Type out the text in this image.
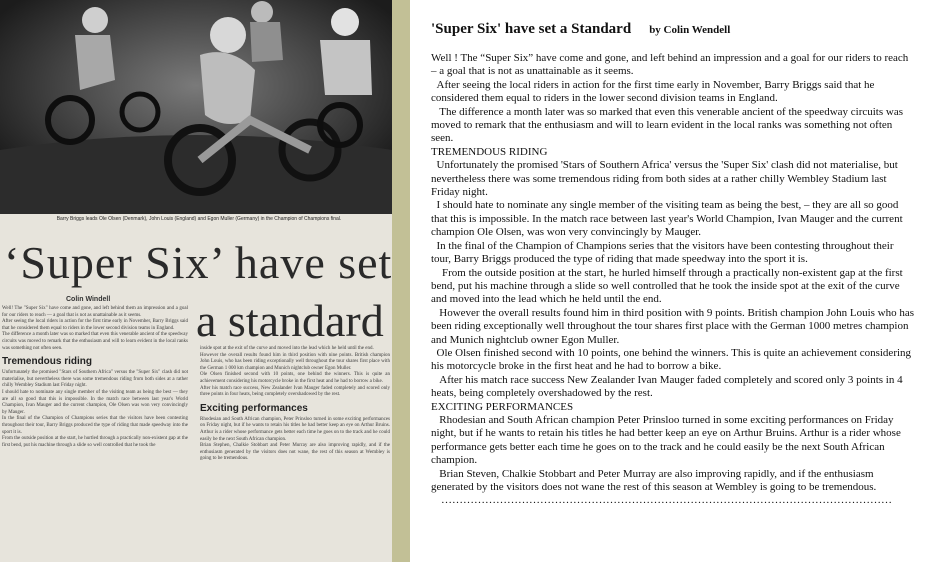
Barry Briggs leads Ole Olsen (Denmark), John Louis (England) and Egon Muller (Germany) in the Champion of Champions final.
‘Super Six’ have set
Colin Windell a standard
Well! The "Super Six" have come and gone, and left behind them an impression and a goal for our riders to reach — a goal that is not as unattainable as it seems.
After seeing the local riders in action for the first time early in November, Barry Briggs said that he considered them equal to riders in the lower second division teams in England.
The difference a month later was so marked that even this venerable ancient of the speedway circuits was moved to remark that the enthusiasm and will to learn evident in the local ranks was something not often seen.
Tremendous riding
Unfortunately the promised "Stars of Southern Africa" versus the "Super Six" clash did not materialise, but nevertheless there was some tremendous riding from both sides at a rather chilly Wembley Stadium last Friday night.
I should hate to nominate any single member of the visiting team as being the best — they are all so good that this is impossible. In the match race between last year's World Champion, Ivan Mauger and the current champion, Ole Olsen was won very convincingly by Mauger.
In the final of the Champion of Champions series that the visitors have been contesting throughout their tour, Barry Briggs produced the type of riding that made speedway into the sport it is.
From the outside position at the start, he hurtled through a practically non-existent gap at the first bend, put his machine through a slide so well controlled that he took the
inside spot at the exit of the curve and moved into the lead which he held until the end.
However the overall results found him in third position with nine points. British champion John Louis, who has been riding exceptionally well throughout the tour shares first place with the German 1 000 km champion and Munich nightclub owner Egon Muller.
Ole Olsen finished second with 10 points, one behind the winners. This is quite an achievement considering his motorcycle broke in the first heat and he had to borrow a bike.
After his match race success, New Zealander Ivan Mauger faded completely and scored only three points in four heats, being completely overshadowed by the rest.
Exciting performances
Rhodesian and South African champion, Peter Prinsloo turned in some exciting performances on Friday night, but if he wants to retain his titles he had better keep an eye on Arthur Bruins. Arthur is a rider whose performance gets better each time he goes on to the track and he could easily be the next South African champion.
Brian Stephen, Chalkie Stobbart and Peter Murray are also improving rapidly, and if the enthusiasm generated by the visitors does not wane, the rest of this season at Wembley is going to be tremendous.
'Super Six' have set a Standard by Colin Wendell

Well ! The “Super Six” have come and gone, and left behind an impression and a goal for our riders to reach – a goal that is not as unattainable as it seems.

After seeing the local riders in action for the first time early in November, Barry Briggs said that he considered them equal to riders in the lower second division teams in England.

The difference a month later was so marked that even this venerable ancient of the speedway circuits was moved to remark that the enthusiasm and will to learn evident in the local ranks was something not often seen.

TREMENDOUS RIDING

Unfortunately the promised 'Stars of Southern Africa' versus the 'Super Six' clash did not materialise, but nevertheless there was some tremendous riding from both sides at a rather chilly Wembley Stadium last Friday night.

I should hate to nominate any single member of the visiting team as being the best, – they are all so good that this is impossible. In the match race between last year's World Champion, Ivan Mauger and the current champion Ole Olsen, was won very convincingly by Mauger.

In the final of the Champion of Champions series that the visitors have been contesting throughout their tour, Barry Briggs produced the type of riding that made speedway into the sport it is.

From the outside position at the start, he hurled himself through a practically non-existent gap at the first bend, put his machine through a slide so well controlled that he took the inside spot at the exit of the curve and moved into the lead which he held until the end.

However the overall results found him in third position with 9 points. British champion John Louis who has been riding exceptionally well throughout the tour shares first place with the German 1000 metres champion and Munich nightclub owner Egon Muller.

Ole Olsen finished second with 10 points, one behind the winners. This is quite an achievement considering his motorcycle broke in the first heat and he had to borrow a bike.

After his match race success New Zealander Ivan Mauger faded completely and scored only 3 points in 4 heats, being completely overshadowed by the rest.

EXCITING PERFORMANCES

Rhodesian and South African champion Peter Prinsloo turned in some exciting performances on Friday night, but if he wants to retain his titles he had better keep an eye on Arthur Bruins. Arthur is a rider whose performance gets better each time he goes on to the track and he could easily be the next South African champion.

Brian Steven, Chalkie Stobbart and Peter Murray are also improving rapidly, and if the enthusiasm generated by the visitors does not wane the rest of this season at Wembley is going to be tremendous.

……………………………………………………………………………………………………………
